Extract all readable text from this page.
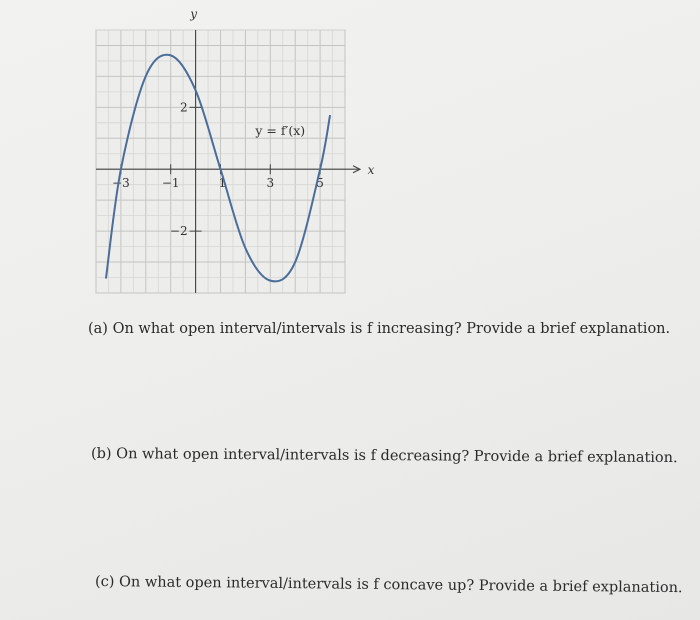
−3	−1	1	3	5
2
−2
y
x
y = f′(x)
(a) On what open interval/intervals is f increasing? Provide a brief explanation.
(b) On what open interval/intervals is f decreasing? Provide a brief explanation.
(c) On what open interval/intervals is f concave up? Provide a brief explanation.
